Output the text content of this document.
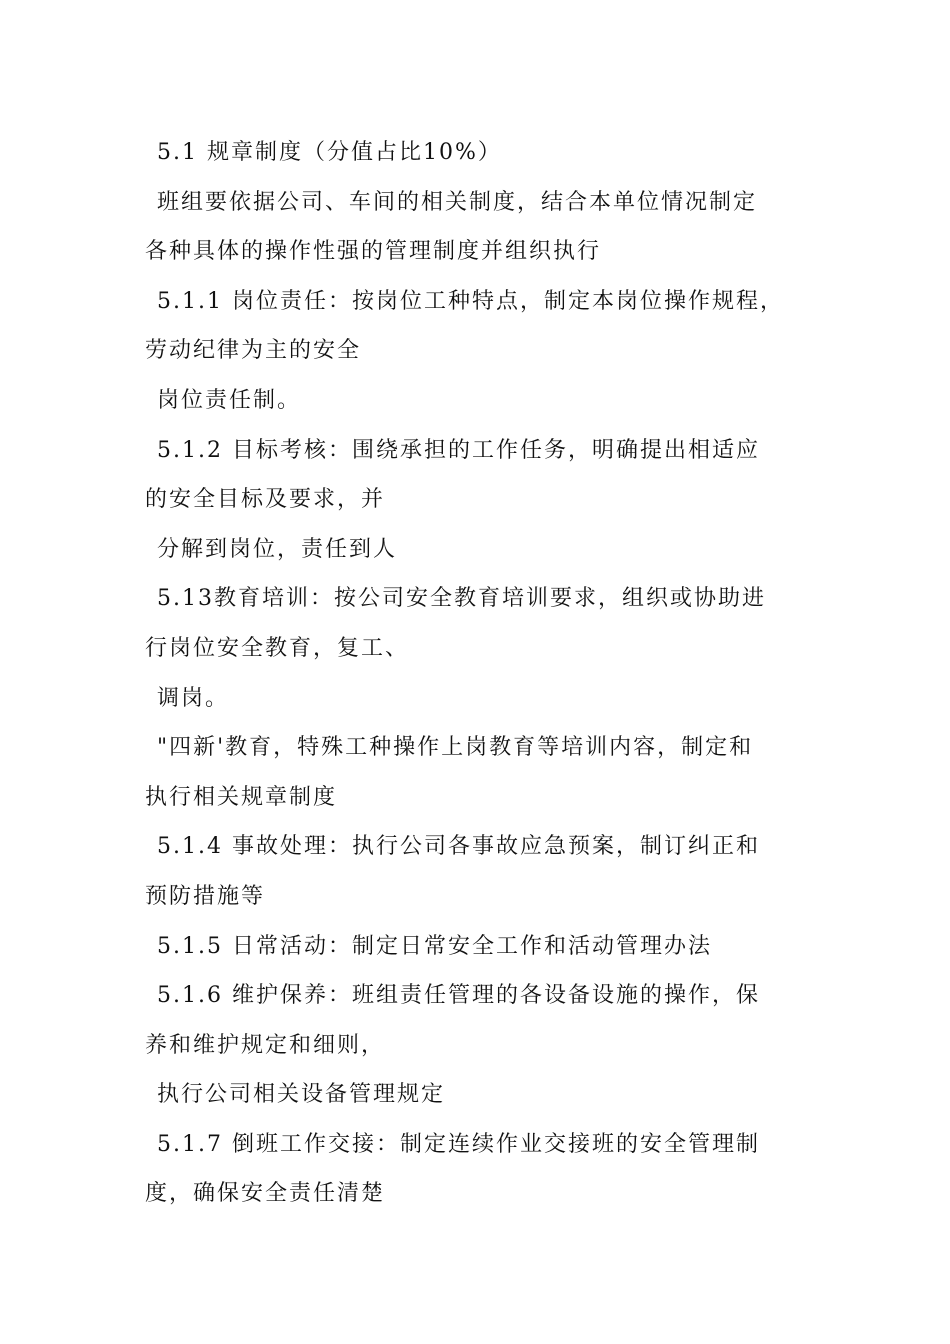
5.1 规章制度（分值占比10%）
班组要依据公司、车间的相关制度，结合本单位情况制定
各种具体的操作性强的管理制度并组织执行
5.1.1 岗位责任：按岗位工种特点，制定本岗位操作规程，
劳动纪律为主的安全
岗位责任制。
5.1.2 目标考核：围绕承担的工作任务，明确提出相适应
的安全目标及要求，并
分解到岗位，责任到人
5.13教育培训：按公司安全教育培训要求，组织或协助进
行岗位安全教育，复工、
调岗。
"四新'教育，特殊工种操作上岗教育等培训内容，制定和
执行相关规章制度
5.1.4 事故处理：执行公司各事故应急预案，制订纠正和
预防措施等
5.1.5 日常活动：制定日常安全工作和活动管理办法
5.1.6 维护保养：班组责任管理的各设备设施的操作，保
养和维护规定和细则，
执行公司相关设备管理规定
5.1.7 倒班工作交接：制定连续作业交接班的安全管理制
度，确保安全责任清楚
